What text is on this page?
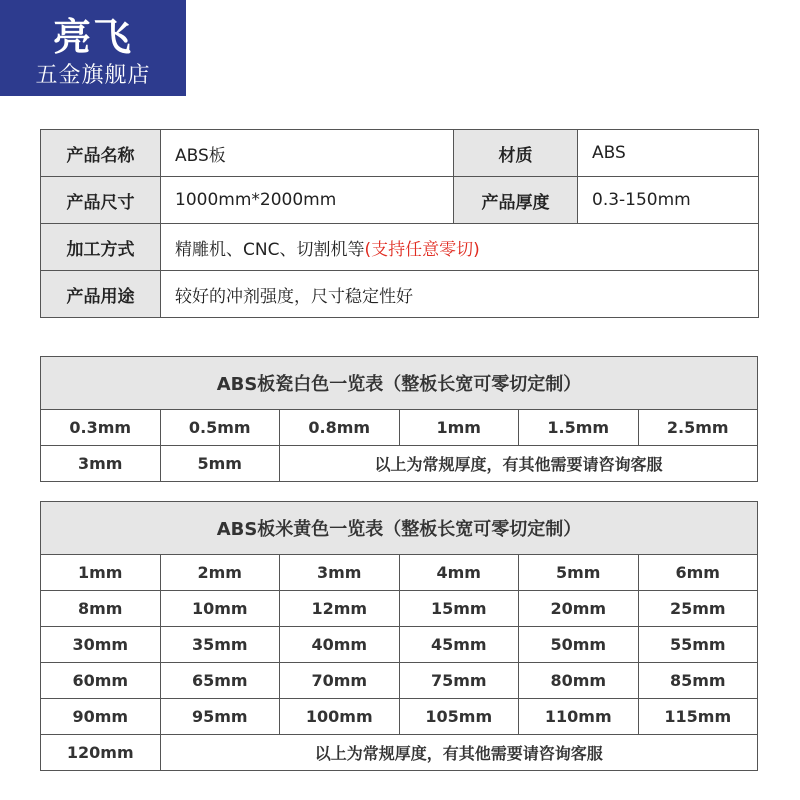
亮飞
五金旗舰店
产品名称	ABS板	材质	ABS
产品尺寸	1000mm*2000mm	产品厚度	0.3-150mm
加工方式	精雕机、CNC、切割机等(支持任意零切)		
产品用途	较好的冲剂强度，尺寸稳定性好		
ABS板瓷白色一览表（整板长宽可零切定制）					
0.3mm	0.5mm	0.8mm	1mm	1.5mm	2.5mm
3mm	5mm	以上为常规厚度，有其他需要请咨询客服			
ABS板米黄色一览表（整板长宽可零切定制）					
1mm	2mm	3mm	4mm	5mm	6mm
8mm	10mm	12mm	15mm	20mm	25mm
30mm	35mm	40mm	45mm	50mm	55mm
60mm	65mm	70mm	75mm	80mm	85mm
90mm	95mm	100mm	105mm	110mm	115mm
120mm	以上为常规厚度，有其他需要请咨询客服				
